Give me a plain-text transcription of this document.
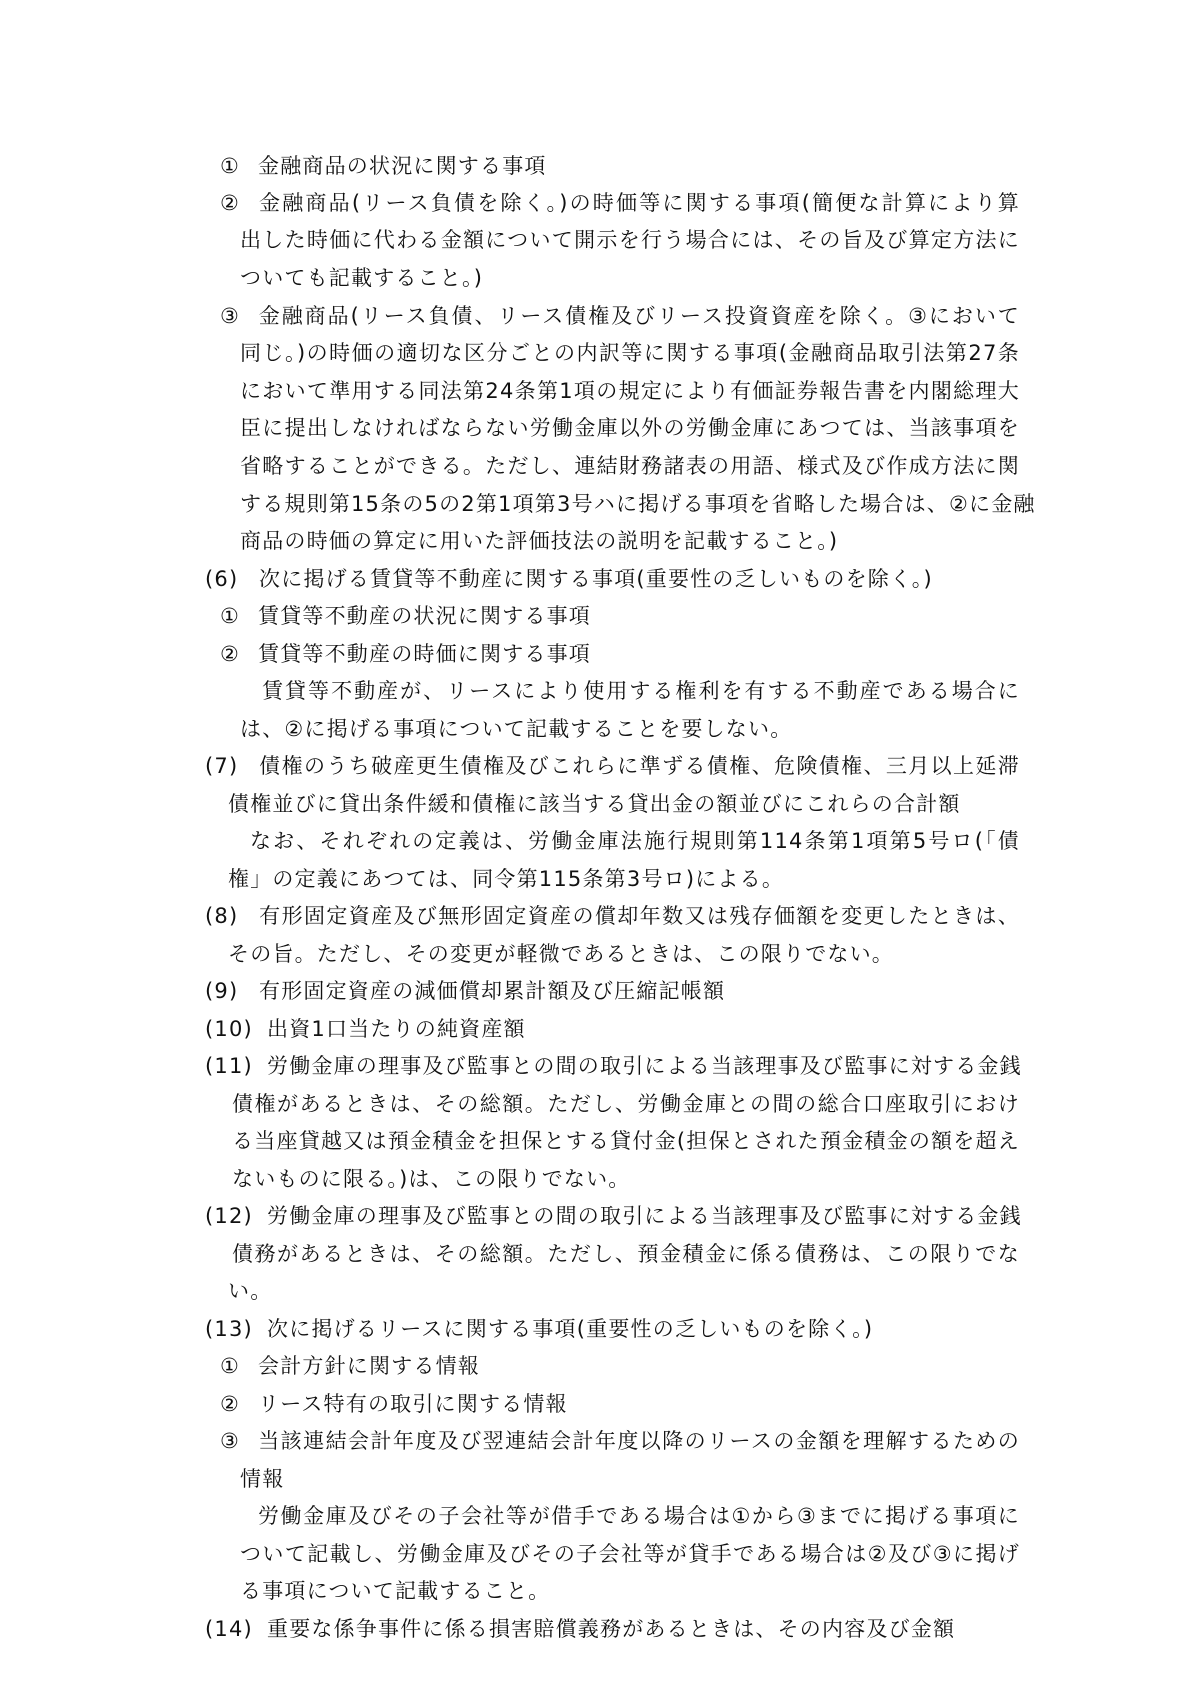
① 金融商品の状況に関する事項
② 金融商品(リース負債を除く。)の時価等に関する事項(簡便な計算により算
出した時価に代わる金額について開示を行う場合には、その旨及び算定方法に
ついても記載すること。)
③ 金融商品(リース負債、リース債権及びリース投資資産を除く。③において
同じ。)の時価の適切な区分ごとの内訳等に関する事項(金融商品取引法第27条
において準用する同法第24条第1項の規定により有価証券報告書を内閣総理大
臣に提出しなければならない労働金庫以外の労働金庫にあつては、当該事項を
省略することができる。ただし、連結財務諸表の用語、様式及び作成方法に関
する規則第15条の5の2第1項第3号ハに掲げる事項を省略した場合は、②に金融
商品の時価の算定に用いた評価技法の説明を記載すること。)
(6) 次に掲げる賃貸等不動産に関する事項(重要性の乏しいものを除く。)
① 賃貸等不動産の状況に関する事項
② 賃貸等不動産の時価に関する事項
賃貸等不動産が、リースにより使用する権利を有する不動産である場合に
は、②に掲げる事項について記載することを要しない。
(7) 債権のうち破産更生債権及びこれらに準ずる債権、危険債権、三月以上延滞
債権並びに貸出条件緩和債権に該当する貸出金の額並びにこれらの合計額
なお、それぞれの定義は、労働金庫法施行規則第114条第1項第5号ロ(「債
権」の定義にあつては、同令第115条第3号ロ)による。
(8) 有形固定資産及び無形固定資産の償却年数又は残存価額を変更したときは、
その旨。ただし、その変更が軽微であるときは、この限りでない。
(9) 有形固定資産の減価償却累計額及び圧縮記帳額
(10) 出資1口当たりの純資産額
(11) 労働金庫の理事及び監事との間の取引による当該理事及び監事に対する金銭
債権があるときは、その総額。ただし、労働金庫との間の総合口座取引におけ
る当座貸越又は預金積金を担保とする貸付金(担保とされた預金積金の額を超え
ないものに限る。)は、この限りでない。
(12) 労働金庫の理事及び監事との間の取引による当該理事及び監事に対する金銭
債務があるときは、その総額。ただし、預金積金に係る債務は、この限りでな
い。
(13) 次に掲げるリースに関する事項(重要性の乏しいものを除く。)
① 会計方針に関する情報
② リース特有の取引に関する情報
③ 当該連結会計年度及び翌連結会計年度以降のリースの金額を理解するための
情報
労働金庫及びその子会社等が借手である場合は①から③までに掲げる事項に
ついて記載し、労働金庫及びその子会社等が貸手である場合は②及び③に掲げ
る事項について記載すること。
(14) 重要な係争事件に係る損害賠償義務があるときは、その内容及び金額
